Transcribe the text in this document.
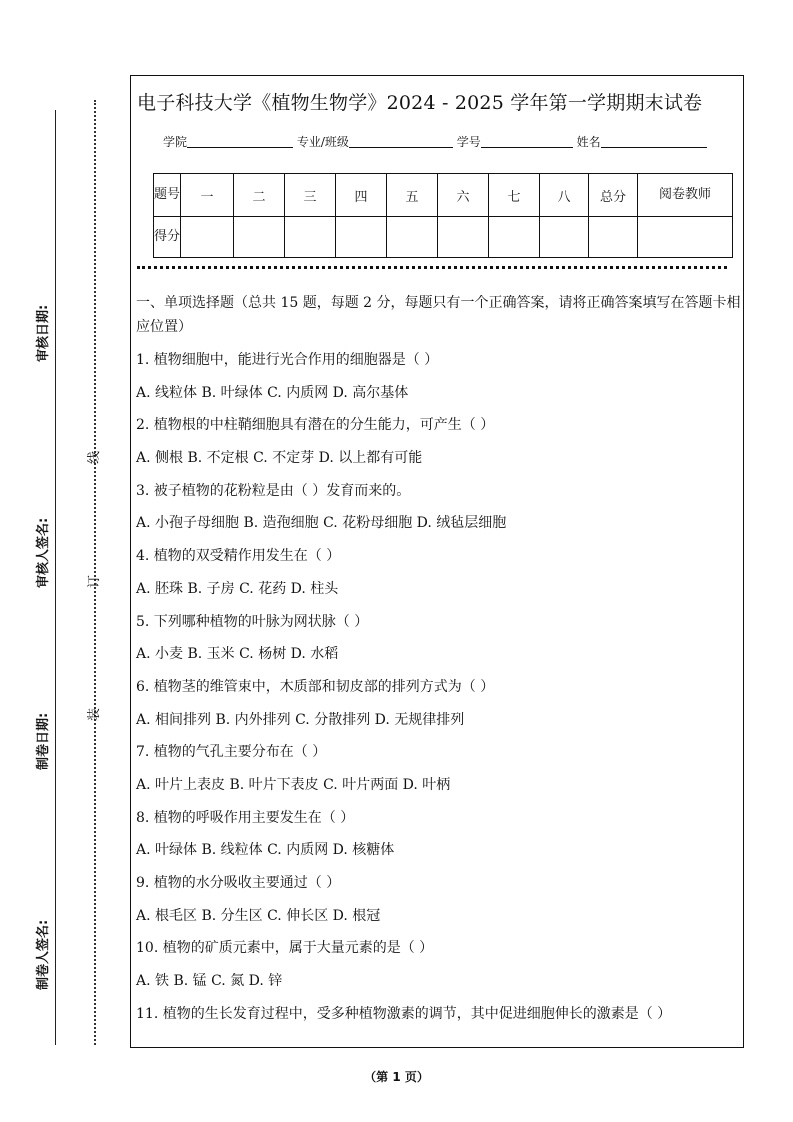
审核日期:
审核人签名:
制卷日期:
制卷人签名:
线
订
装
电子科技大学《植物生物学》2024 - 2025 学年第一学期期末试卷
学院	专业/班级	学号	姓名
题号	一	二	三	四	五	六	七	八	总分	阅卷教师
得分										
一、单项选择题（总共 15 题，每题 2 分，每题只有一个正确答案，请将正确答案填写在答题卡相应位置）
1. 植物细胞中，能进行光合作用的细胞器是（ ）
A. 线粒体 B. 叶绿体 C. 内质网 D. 高尔基体
2. 植物根的中柱鞘细胞具有潜在的分生能力，可产生（ ）
A. 侧根 B. 不定根 C. 不定芽 D. 以上都有可能
3. 被子植物的花粉粒是由（ ）发育而来的。
A. 小孢子母细胞 B. 造孢细胞 C. 花粉母细胞 D. 绒毡层细胞
4. 植物的双受精作用发生在（ ）
A. 胚珠 B. 子房 C. 花药 D. 柱头
5. 下列哪种植物的叶脉为网状脉（ ）
A. 小麦 B. 玉米 C. 杨树 D. 水稻
6. 植物茎的维管束中，木质部和韧皮部的排列方式为（ ）
A. 相间排列 B. 内外排列 C. 分散排列 D. 无规律排列
7. 植物的气孔主要分布在（ ）
A. 叶片上表皮 B. 叶片下表皮 C. 叶片两面 D. 叶柄
8. 植物的呼吸作用主要发生在（ ）
A. 叶绿体 B. 线粒体 C. 内质网 D. 核糖体
9. 植物的水分吸收主要通过（ ）
A. 根毛区 B. 分生区 C. 伸长区 D. 根冠
10. 植物的矿质元素中，属于大量元素的是（ ）
A. 铁 B. 锰 C. 氮 D. 锌
11. 植物的生长发育过程中，受多种植物激素的调节，其中促进细胞伸长的激素是（ ）
（第 1 页）
